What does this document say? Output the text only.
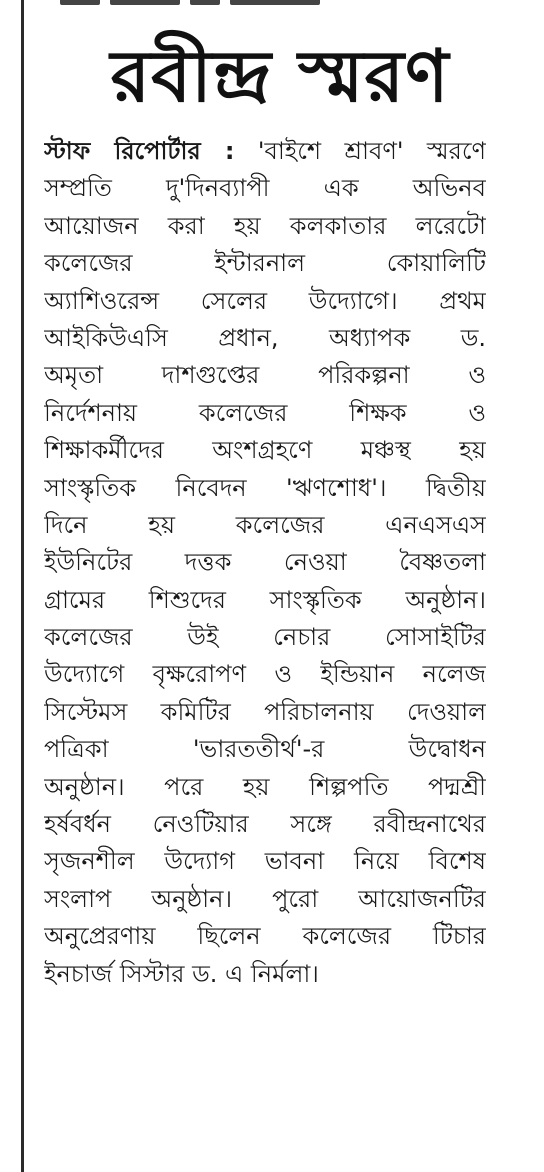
রবীন্দ্র স্মরণ
স্টাফ রিপোর্টার : 'বাইশে শ্রাবণ' স্মরণে
সম্প্রতি দু'দিনব্যাপী এক অভিনব
আয়োজন করা হয় কলকাতার লরেটো
কলেজের ইন্টারনাল কোয়ালিটি
অ্যাশিওরেন্স সেলের উদ্যোগে। প্রথম
আইকিউএসি প্রধান, অধ্যাপক ড.
অমৃতা দাশগুপ্তের পরিকল্পনা ও
নির্দেশনায় কলেজের শিক্ষক ও
শিক্ষাকর্মীদের অংশগ্রহণে মঞ্চস্থ হয়
সাংস্কৃতিক নিবেদন 'ঋণশোধ'। দ্বিতীয়
দিনে হয় কলেজের এনএসএস
ইউনিটের দত্তক নেওয়া বৈষ্ণতলা
গ্রামের শিশুদের সাংস্কৃতিক অনুষ্ঠান।
কলেজের উই নেচার সোসাইটির
উদ্যোগে বৃক্ষরোপণ ও ইন্ডিয়ান নলেজ
সিস্টেমস কমিটির পরিচালনায় দেওয়াল
পত্রিকা 'ভারততীর্থ'-র উদ্বোধন
অনুষ্ঠান। পরে হয় শিল্পপতি পদ্মশ্রী
হর্ষবর্ধন নেওটিয়ার সঙ্গে রবীন্দ্রনাথের
সৃজনশীল উদ্যোগ ভাবনা নিয়ে বিশেষ
সংলাপ অনুষ্ঠান। পুরো আয়োজনটির
অনুপ্রেরণায় ছিলেন কলেজের টিচার
ইনচার্জ সিস্টার ড. এ নির্মলা।
